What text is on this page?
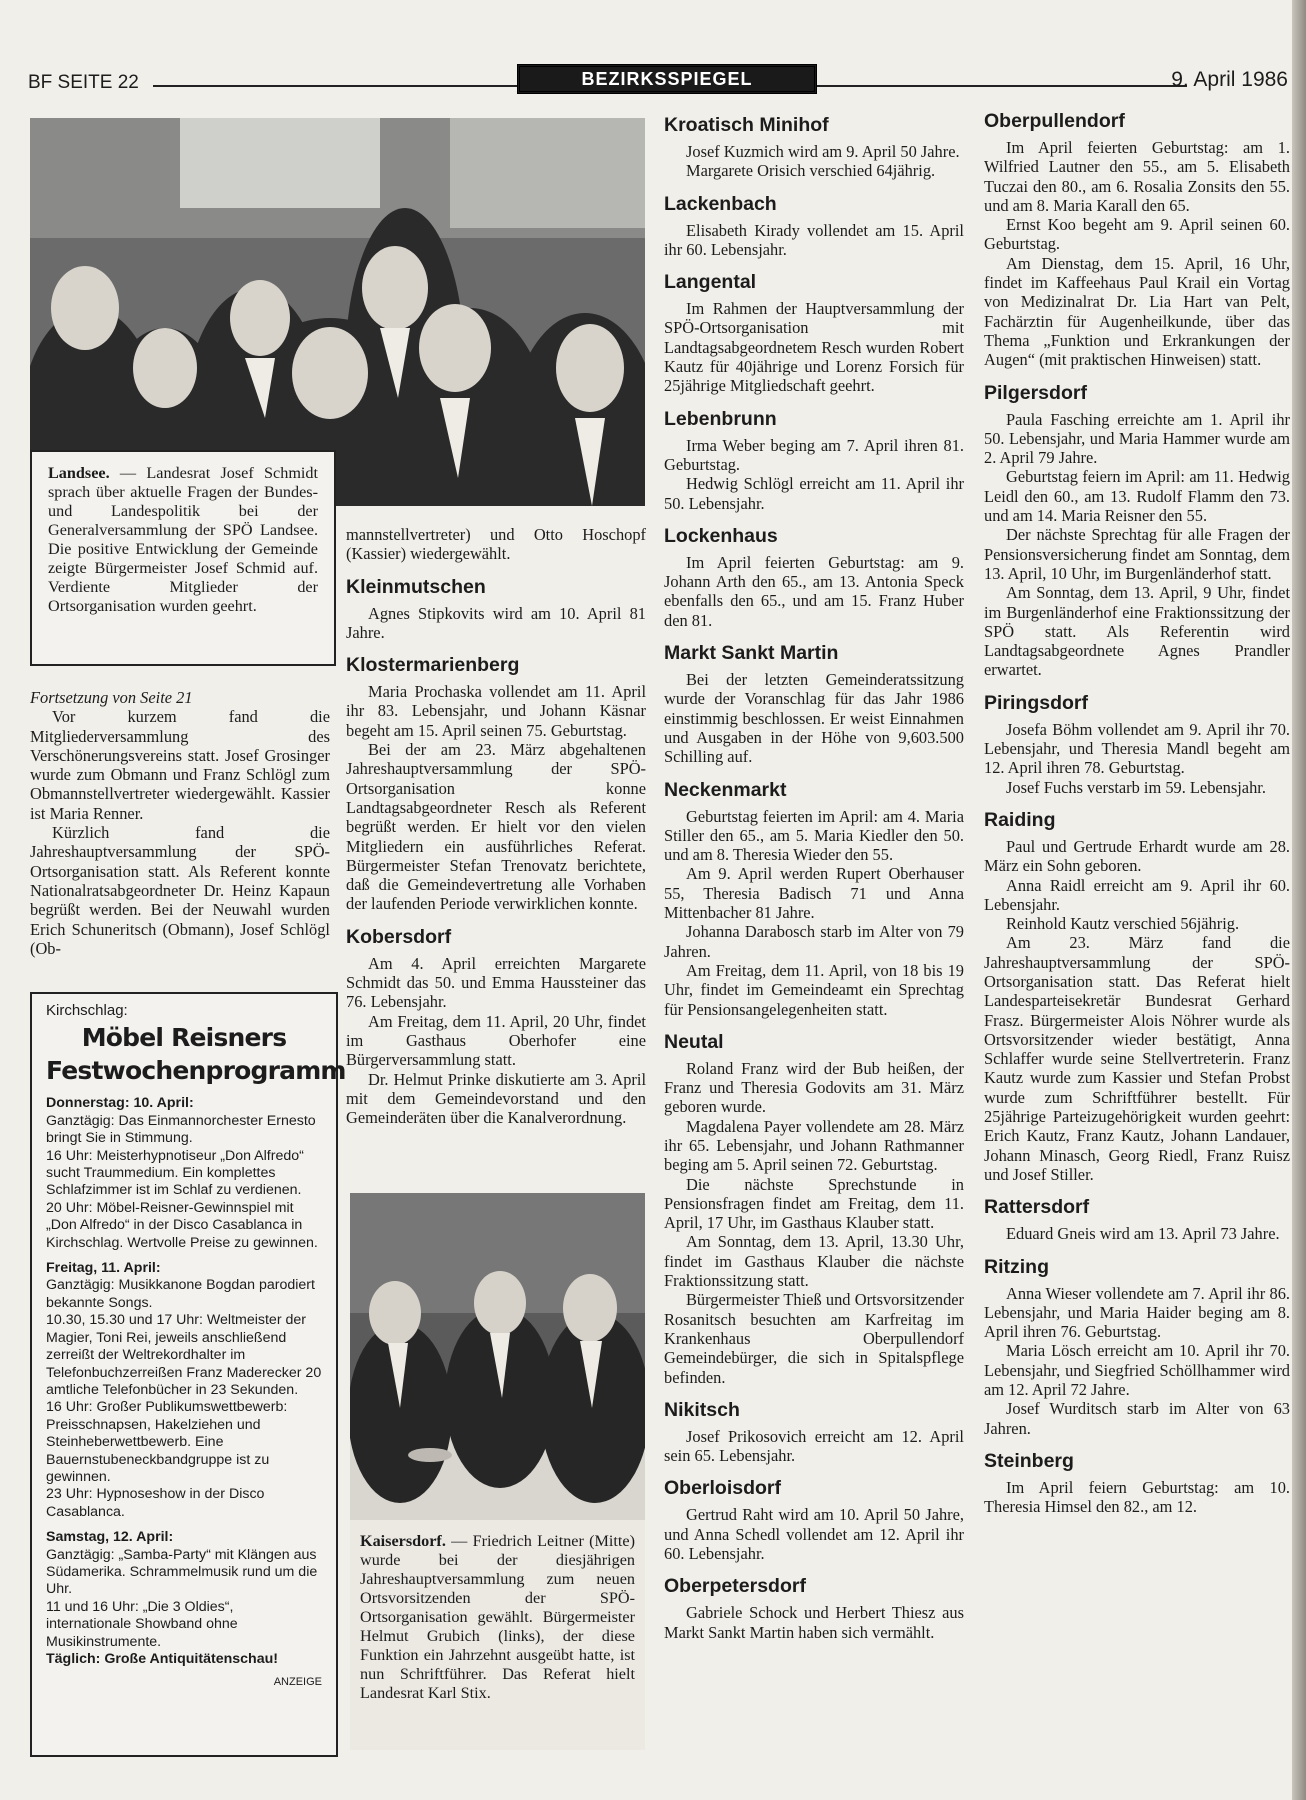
BF SEITE 22	BEZIRKSSPIEGEL	9. April 1986
Landsee. — Landesrat Josef Schmidt sprach über aktuelle Fragen der Bundes- und Landespolitik bei der Generalversammlung der SPÖ Landsee. Die positive Entwicklung der Gemeinde zeigte Bürgermeister Josef Schmid auf. Verdiente Mitglieder der Ortsorganisation wurden geehrt.

Fortsetzung von Seite 21

Vor kurzem fand die Mitgliederversammlung des Verschönerungsvereins statt. Josef Grosinger wurde zum Obmann und Franz Schlögl zum Obmannstellvertreter wiedergewählt. Kassier ist Maria Renner.

Kürzlich fand die Jahreshauptversammlung der SPÖ-Ortsorganisation statt. Als Referent konnte Nationalratsabgeordneter Dr. Heinz Kapaun begrüßt werden. Bei der Neuwahl wurden Erich Schuneritsch (Obmann), Josef Schlögl (Ob-

Kirchschlag:
Möbel Reisners
Festwochenprogramm
Donnerstag: 10. April:
Ganztägig: Das Einmannorchester Ernesto bringt Sie in Stimmung.
16 Uhr: Meisterhypnotiseur „Don Alfredo“ sucht Traummedium. Ein komplettes Schlafzimmer ist im Schlaf zu verdienen.
20 Uhr: Möbel-Reisner-Gewinnspiel mit „Don Alfredo“ in der Disco Casablanca in Kirchschlag. Wertvolle Preise zu gewinnen.
Freitag, 11. April:
Ganztägig: Musikkanone Bogdan parodiert bekannte Songs.
10.30, 15.30 und 17 Uhr: Weltmeister der Magier, Toni Rei, jeweils anschließend zerreißt der Weltrekordhalter im Telefonbuchzerreißen Franz Maderecker 20 amtliche Telefonbücher in 23 Sekunden.
16 Uhr: Großer Publikumswettbewerb: Preisschnapsen, Hakelziehen und Steinheberwettbewerb. Eine Bauernstubeneckbandgruppe ist zu gewinnen.
23 Uhr: Hypnoseshow in der Disco Casablanca.
Samstag, 12. April:
Ganztägig: „Samba-Party“ mit Klängen aus Südamerika. Schrammelmusik rund um die Uhr.
11 und 16 Uhr: „Die 3 Oldies“, internationale Showband ohne Musikinstrumente.
Täglich: Große Antiquitätenschau!
ANZEIGE

mannstellvertreter) und Otto Hoschopf (Kassier) wiedergewählt.

Kleinmutschen

Agnes Stipkovits wird am 10. April 81 Jahre.

Klostermarienberg

Maria Prochaska vollendet am 11. April ihr 83. Lebensjahr, und Johann Käsnar begeht am 15. April seinen 75. Geburtstag.

Bei der am 23. März abgehaltenen Jahreshauptversammlung der SPÖ-Ortsorganisation konne Landtagsabgeordneter Resch als Referent begrüßt werden. Er hielt vor den vielen Mitgliedern ein ausführliches Referat. Bürgermeister Stefan Trenovatz berichtete, daß die Gemeindevertretung alle Vorhaben der laufenden Periode verwirklichen konnte.

Kobersdorf

Am 4. April erreichten Margarete Schmidt das 50. und Emma Haussteiner das 76. Lebensjahr.

Am Freitag, dem 11. April, 20 Uhr, findet im Gasthaus Oberhofer eine Bürgerversammlung statt.

Dr. Helmut Prinke diskutierte am 3. April mit dem Gemeindevorstand und den Gemeinderäten über die Kanalverordnung.

Kaisersdorf. — Friedrich Leitner (Mitte) wurde bei der diesjährigen Jahreshauptversammlung zum neuen Ortsvorsitzenden der SPÖ-Ortsorganisation gewählt. Bürgermeister Helmut Grubich (links), der diese Funktion ein Jahrzehnt ausgeübt hatte, ist nun Schriftführer. Das Referat hielt Landesrat Karl Stix.
Kroatisch Minihof

Josef Kuzmich wird am 9. April 50 Jahre.

Margarete Orisich verschied 64jährig.

Lackenbach

Elisabeth Kirady vollendet am 15. April ihr 60. Lebensjahr.

Langental

Im Rahmen der Hauptversammlung der SPÖ-Ortsorganisation mit Landtagsabgeordnetem Resch wurden Robert Kautz für 40jährige und Lorenz Forsich für 25jährige Mitgliedschaft geehrt.

Lebenbrunn

Irma Weber beging am 7. April ihren 81. Geburtstag.

Hedwig Schlögl erreicht am 11. April ihr 50. Lebensjahr.

Lockenhaus

Im April feierten Geburtstag: am 9. Johann Arth den 65., am 13. Antonia Speck ebenfalls den 65., und am 15. Franz Huber den 81.

Markt Sankt Martin

Bei der letzten Gemeinderatssitzung wurde der Voranschlag für das Jahr 1986 einstimmig beschlossen. Er weist Einnahmen und Ausgaben in der Höhe von 9,603.500 Schilling auf.

Neckenmarkt

Geburtstag feierten im April: am 4. Maria Stiller den 65., am 5. Maria Kiedler den 50. und am 8. Theresia Wieder den 55.

Am 9. April werden Rupert Oberhauser 55, Theresia Badisch 71 und Anna Mittenbacher 81 Jahre.

Johanna Darabosch starb im Alter von 79 Jahren.

Am Freitag, dem 11. April, von 18 bis 19 Uhr, findet im Gemeindeamt ein Sprechtag für Pensionsangelegenheiten statt.

Neutal

Roland Franz wird der Bub heißen, der Franz und Theresia Godovits am 31. März geboren wurde.

Magdalena Payer vollendete am 28. März ihr 65. Lebensjahr, und Johann Rathmanner beging am 5. April seinen 72. Geburtstag.

Die nächste Sprechstunde in Pensionsfragen findet am Freitag, dem 11. April, 17 Uhr, im Gasthaus Klauber statt.

Am Sonntag, dem 13. April, 13.30 Uhr, findet im Gasthaus Klauber die nächste Fraktionssitzung statt.

Bürgermeister Thieß und Ortsvorsitzender Rosanitsch besuchten am Karfreitag im Krankenhaus Oberpullendorf Gemeindebürger, die sich in Spitalspflege befinden.

Nikitsch

Josef Prikosovich erreicht am 12. April sein 65. Lebensjahr.

Oberloisdorf

Gertrud Raht wird am 10. April 50 Jahre, und Anna Schedl vollendet am 12. April ihr 60. Lebensjahr.

Oberpetersdorf

Gabriele Schock und Herbert Thiesz aus Markt Sankt Martin haben sich vermählt.

Oberpullendorf

Im April feierten Geburtstag: am 1. Wilfried Lautner den 55., am 5. Elisabeth Tuczai den 80., am 6. Rosalia Zonsits den 55. und am 8. Maria Karall den 65.

Ernst Koo begeht am 9. April seinen 60. Geburtstag.

Am Dienstag, dem 15. April, 16 Uhr, findet im Kaffeehaus Paul Krail ein Vortag von Medizinalrat Dr. Lia Hart van Pelt, Fachärztin für Augenheilkunde, über das Thema „Funktion und Erkrankungen der Augen“ (mit praktischen Hinweisen) statt.

Pilgersdorf

Paula Fasching erreichte am 1. April ihr 50. Lebensjahr, und Maria Hammer wurde am 2. April 79 Jahre.

Geburtstag feiern im April: am 11. Hedwig Leidl den 60., am 13. Rudolf Flamm den 73. und am 14. Maria Reisner den 55.

Der nächste Sprechtag für alle Fragen der Pensionsversicherung findet am Sonntag, dem 13. April, 10 Uhr, im Burgenländerhof statt.

Am Sonntag, dem 13. April, 9 Uhr, findet im Burgenländerhof eine Fraktionssitzung der SPÖ statt. Als Referentin wird Landtagsabgeordnete Agnes Prandler erwartet.

Piringsdorf

Josefa Böhm vollendet am 9. April ihr 70. Lebensjahr, und Theresia Mandl begeht am 12. April ihren 78. Geburtstag.

Josef Fuchs verstarb im 59. Lebensjahr.

Raiding

Paul und Gertrude Erhardt wurde am 28. März ein Sohn geboren.

Anna Raidl erreicht am 9. April ihr 60. Lebensjahr.

Reinhold Kautz verschied 56jährig.

Am 23. März fand die Jahreshauptversammlung der SPÖ-Ortsorganisation statt. Das Referat hielt Landesparteisekretär Bundesrat Gerhard Frasz. Bürgermeister Alois Nöhrer wurde als Ortsvorsitzender wieder bestätigt, Anna Schlaffer wurde seine Stellvertreterin. Franz Kautz wurde zum Kassier und Stefan Probst wurde zum Schriftführer bestellt. Für 25jährige Parteizugehörigkeit wurden geehrt: Erich Kautz, Franz Kautz, Johann Landauer, Johann Minasch, Georg Riedl, Franz Ruisz und Josef Stiller.

Rattersdorf

Eduard Gneis wird am 13. April 73 Jahre.

Ritzing

Anna Wieser vollendete am 7. April ihr 86. Lebensjahr, und Maria Haider beging am 8. April ihren 76. Geburtstag.

Maria Lösch erreicht am 10. April ihr 70. Lebensjahr, und Siegfried Schöllhammer wird am 12. April 72 Jahre.

Josef Wurditsch starb im Alter von 63 Jahren.

Steinberg

Im April feiern Geburtstag: am 10. Theresia Himsel den 82., am 12.
